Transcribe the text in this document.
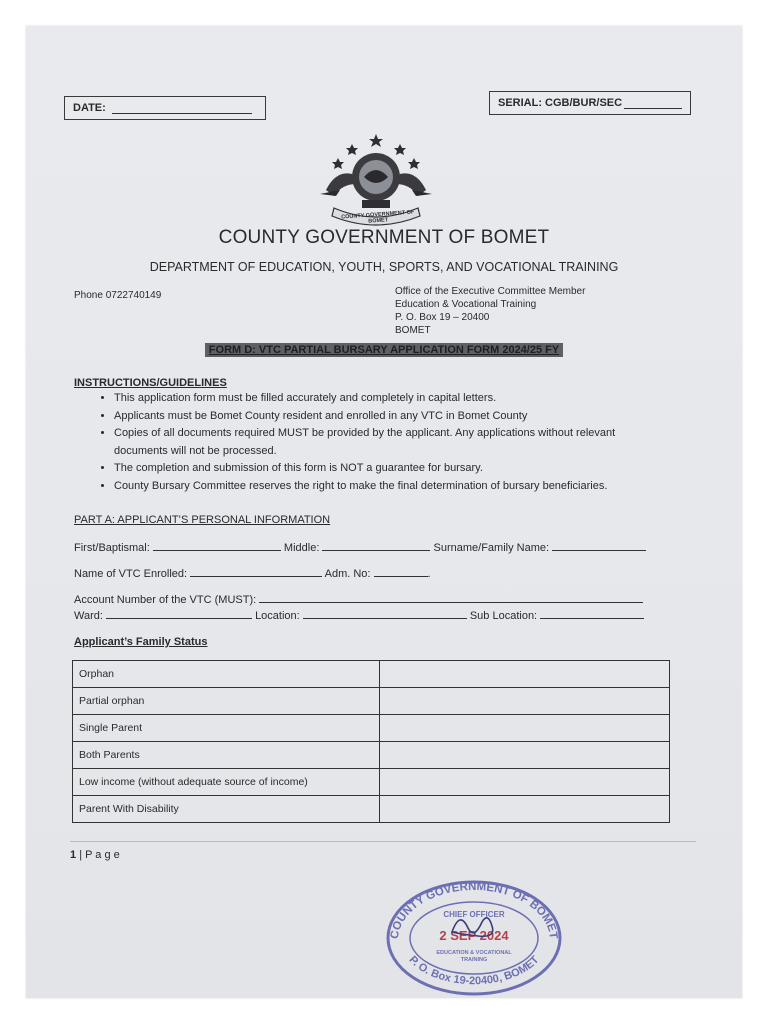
DATE:	SERIAL: CGB/BUR/SEC
COUNTY GOVERNMENT OF BOMET
COUNTY GOVERNMENT OF BOMET
DEPARTMENT OF EDUCATION, YOUTH, SPORTS, AND VOCATIONAL TRAINING
Phone 0722740149	Office of the Executive Committee Member
Education & Vocational Training
P. O. Box 19 – 20400
BOMET
FORM D: VTC PARTIAL BURSARY APPLICATION FORM 2024/25 FY
INSTRUCTIONS/GUIDELINES
• This application form must be filled accurately and completely in capital letters.
• Applicants must be Bomet County resident and enrolled in any VTC in Bomet County
• Copies of all documents required MUST be provided by the applicant. Any applications without relevant documents will not be processed.
• The completion and submission of this form is NOT a guarantee for bursary.
• County Bursary Committee reserves the right to make the final determination of bursary beneficiaries.
PART A: APPLICANT’S PERSONAL INFORMATION
First/Baptismal:	Middle:	Surname/Family Name:
Name of VTC Enrolled:	Adm. No:	.
Account Number of the VTC (MUST):
Ward:	Location:	Sub Location:
Applicant’s Family Status
Orphan	
Partial orphan	
Single Parent	
Both Parents	
Low income (without adequate source of income)	
Parent With Disability	
1 | P a g e
COUNTY GOVERNMENT OF BOMET
P. O. Box 19-20400, BOMET
CHIEF OFFICER
2 SEP 2024
EDUCATION & VOCATIONAL
TRAINING
